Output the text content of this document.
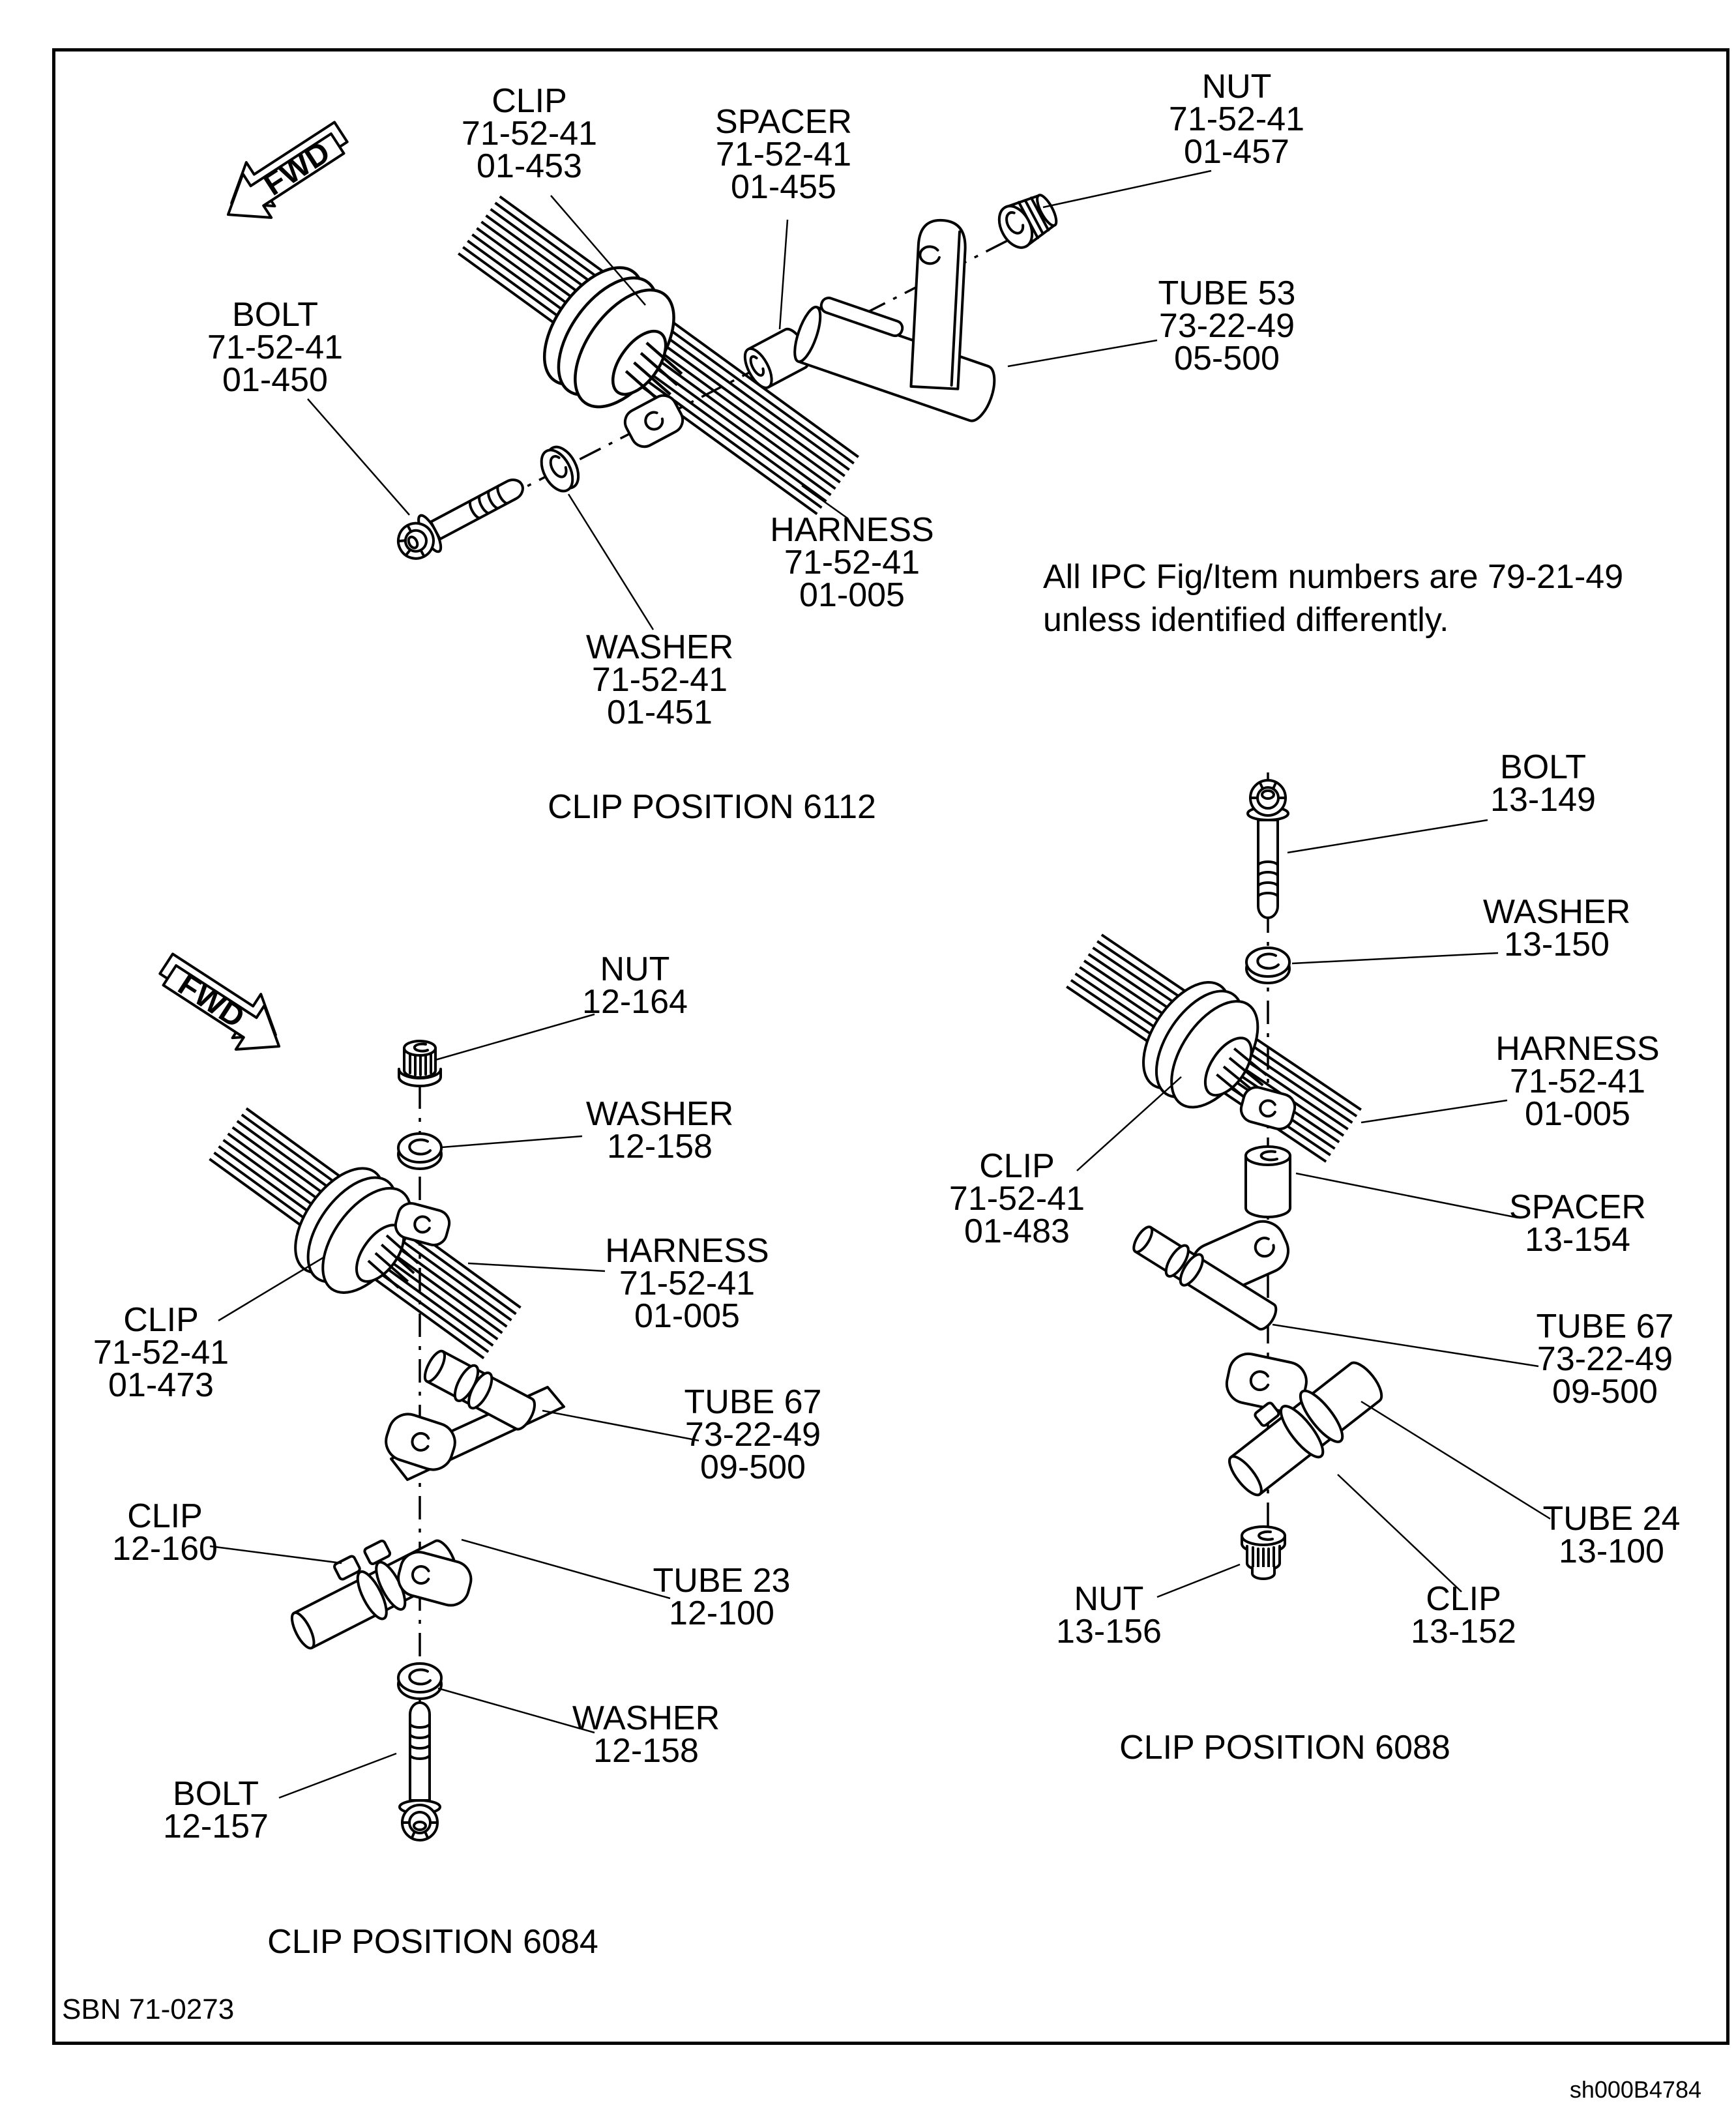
FWD
FWD
CLIP
71-52-41
01-453
SPACER
71-52-41
01-455
NUT
71-52-41
01-457
BOLT
71-52-41
01-450
TUBE 53
73-22-49
05-500
HARNESS
71-52-41
01-005
WASHER
71-52-41
01-451
CLIP POSITION 6112
All IPC Fig/Item numbers are 79-21-49
unless identified differently.
NUT
12-164
WASHER
12-158
HARNESS
71-52-41
01-005
CLIP
71-52-41
01-473	TUBE 67
73-22-49
09-500
CLIP
12-160
TUBE 23
12-100
WASHER
12-158
BOLT
12-157
CLIP POSITION 6084
BOLT
13-149
WASHER
13-150
HARNESS
71-52-41
01-005
CLIP
71-52-41
01-483
SPACER
13-154
TUBE 67
73-22-49
09-500
TUBE 24
13-100
NUT
13-156
CLIP
13-152
CLIP POSITION 6088
SBN 71-0273
sh000B4784
